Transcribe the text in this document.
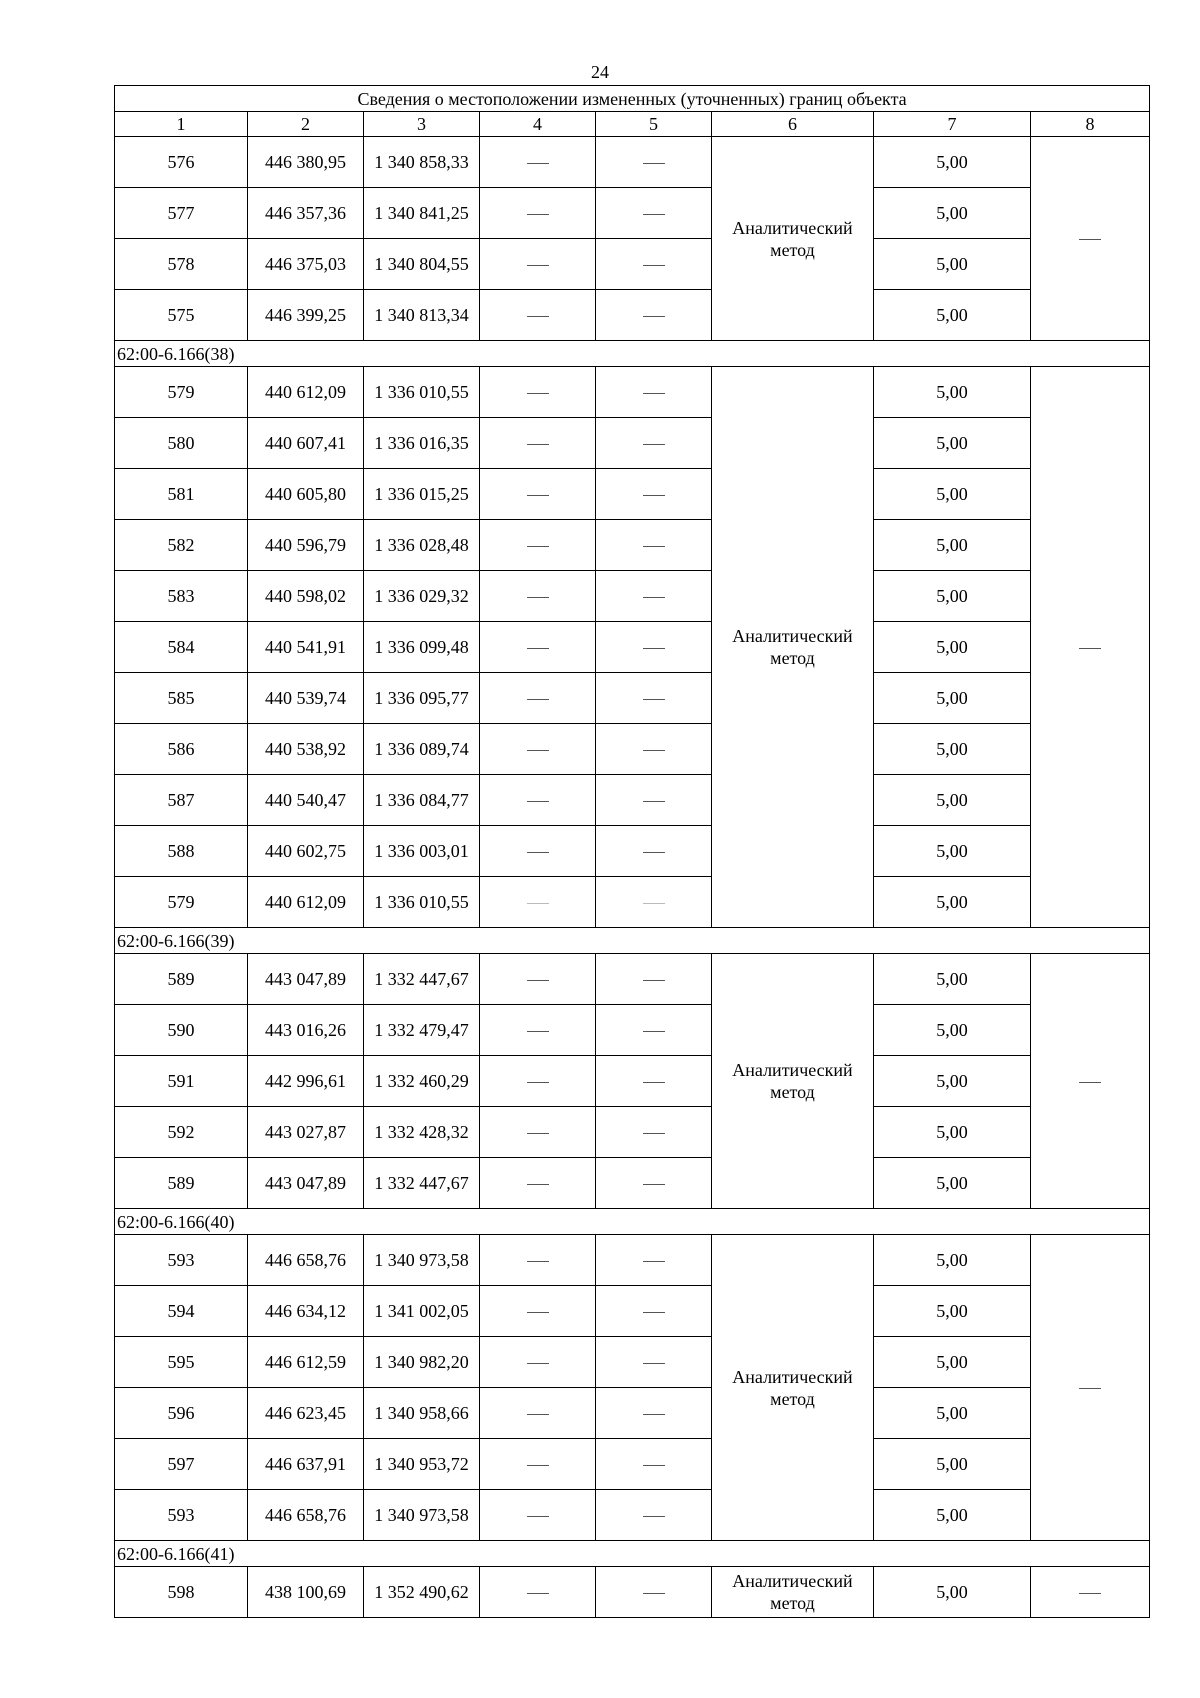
24
Сведения о местоположении измененных (уточненных) границ объекта							
1	2	3	4	5	6	7	8
576	446 380,95	1 340 858,33			Аналитический метод	5,00	
577	446 357,36	1 340 841,25				5,00	
578	446 375,03	1 340 804,55				5,00	
575	446 399,25	1 340 813,34				5,00	
62:00-6.166(38)							
579	440 612,09	1 336 010,55			Аналитический метод	5,00	
580	440 607,41	1 336 016,35				5,00	
581	440 605,80	1 336 015,25				5,00	
582	440 596,79	1 336 028,48				5,00	
583	440 598,02	1 336 029,32				5,00	
584	440 541,91	1 336 099,48				5,00	
585	440 539,74	1 336 095,77				5,00	
586	440 538,92	1 336 089,74				5,00	
587	440 540,47	1 336 084,77				5,00	
588	440 602,75	1 336 003,01				5,00	
579	440 612,09	1 336 010,55				5,00	
62:00-6.166(39)							
589	443 047,89	1 332 447,67			Аналитический метод	5,00	
590	443 016,26	1 332 479,47				5,00	
591	442 996,61	1 332 460,29				5,00	
592	443 027,87	1 332 428,32				5,00	
589	443 047,89	1 332 447,67				5,00	
62:00-6.166(40)							
593	446 658,76	1 340 973,58			Аналитический метод	5,00	
594	446 634,12	1 341 002,05				5,00	
595	446 612,59	1 340 982,20				5,00	
596	446 623,45	1 340 958,66				5,00	
597	446 637,91	1 340 953,72				5,00	
593	446 658,76	1 340 973,58				5,00	
62:00-6.166(41)							
598	438 100,69	1 352 490,62			Аналитический метод	5,00	
